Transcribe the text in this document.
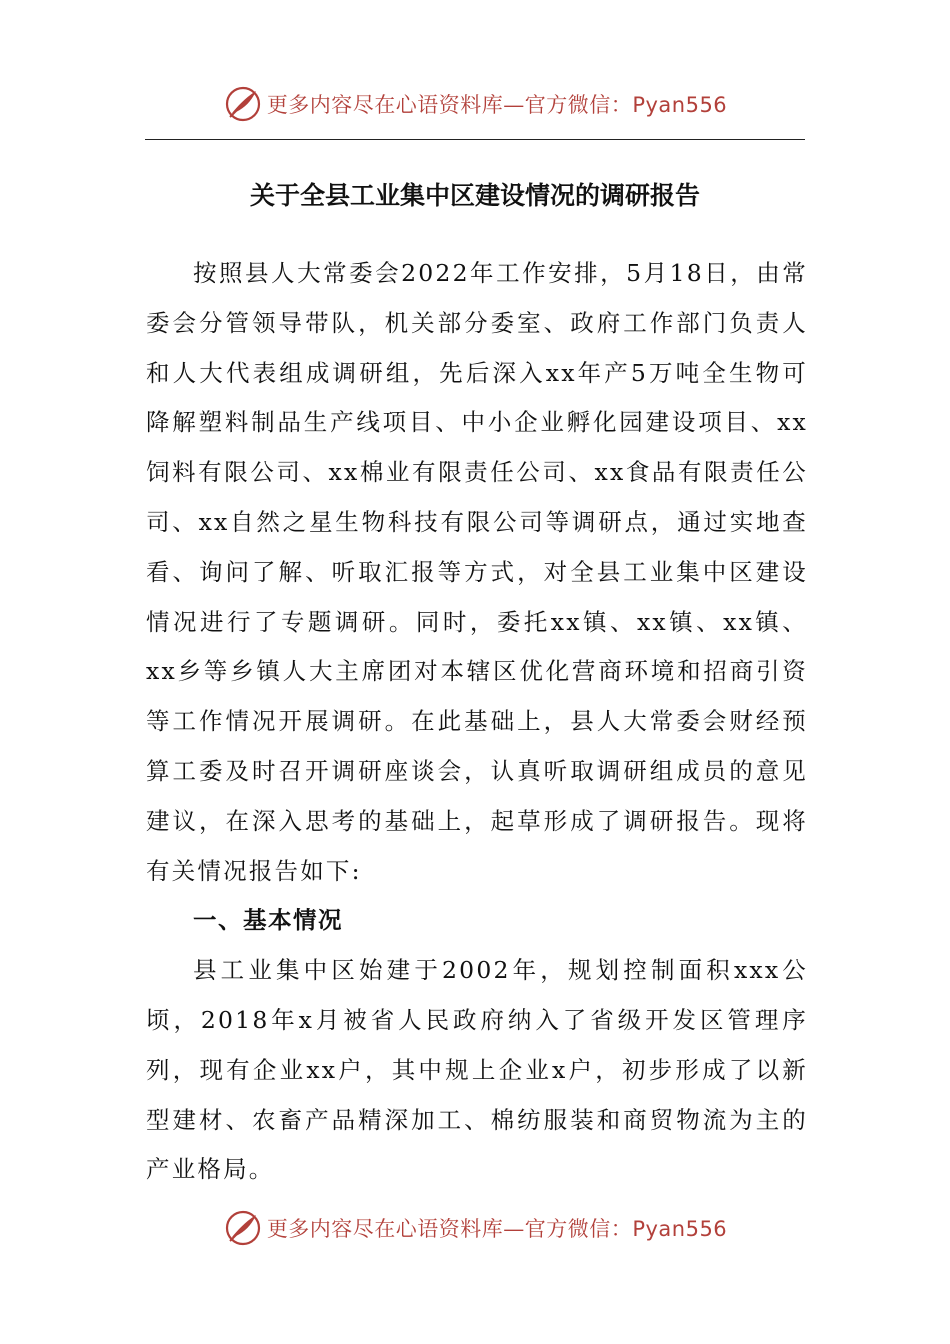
更多内容尽在心语资料库—官方微信：Pyan556
关于全县工业集中区建设情况的调研报告

按照县人大常委会2022年工作安排，5月18日，由常委会分管领导带队，机关部分委室、政府工作部门负责人和人大代表组成调研组，先后深入xx年产5万吨全生物可降解塑料制品生产线项目、中小企业孵化园建设项目、xx饲料有限公司、xx棉业有限责任公司、xx食品有限责任公司、xx自然之星生物科技有限公司等调研点，通过实地查看、询问了解、听取汇报等方式，对全县工业集中区建设情况进行了专题调研。同时，委托xx镇、xx镇、xx镇、xx乡等乡镇人大主席团对本辖区优化营商环境和招商引资等工作情况开展调研。在此基础上，县人大常委会财经预算工委及时召开调研座谈会，认真听取调研组成员的意见建议，在深入思考的基础上，起草形成了调研报告。现将有关情况报告如下:

一、基本情况

县工业集中区始建于2002年，规划控制面积xxx公顷，2018年x月被省人民政府纳入了省级开发区管理序列，现有企业xx户，其中规上企业x户，初步形成了以新型建材、农畜产品精深加工、棉纺服装和商贸物流为主的产业格局。

更多内容尽在心语资料库—官方微信：Pyan556
